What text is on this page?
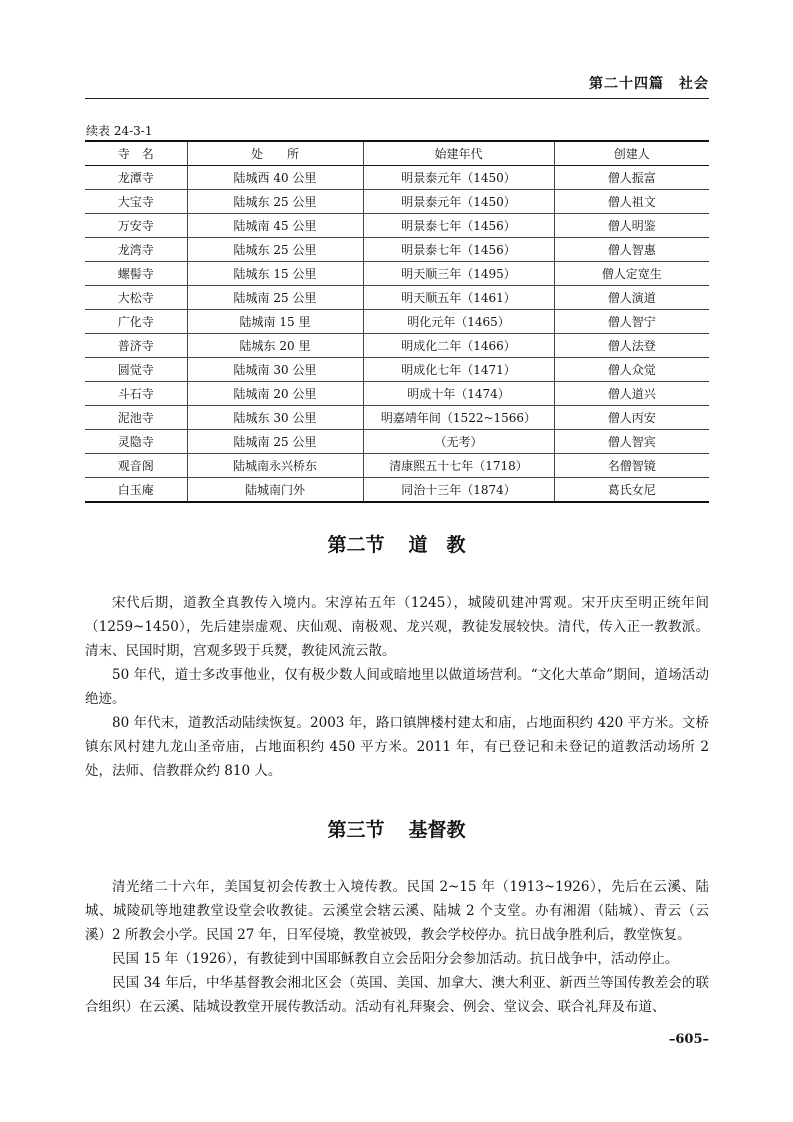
第二十四篇　社会
续表 24-3-1
寺　名	处　　所	始建年代	创建人
龙潭寺	陆城西 40 公里	明景泰元年（1450）	僧人振富
大宝寺	陆城东 25 公里	明景泰元年（1450）	僧人祖文
万安寺	陆城南 45 公里	明景泰七年（1456）	僧人明鉴
龙湾寺	陆城东 25 公里	明景泰七年（1456）	僧人智惠
螺髻寺	陆城东 15 公里	明天顺三年（1495）	僧人定宽生
大松寺	陆城南 25 公里	明天顺五年（1461）	僧人演道
广化寺	陆城南 15 里	明化元年（1465）	僧人智宁
普济寺	陆城东 20 里	明成化二年（1466）	僧人法登
圆觉寺	陆城南 30 公里	明成化七年（1471）	僧人众觉
斗石寺	陆城南 20 公里	明成十年（1474）	僧人道兴
泥池寺	陆城东 30 公里	明嘉靖年间（1522~1566）	僧人丙安
灵隐寺	陆城南 25 公里	（无考）	僧人智宾
观音阁	陆城南永兴桥东	清康熙五十七年（1718）	名僧智镜
白玉庵	陆城南门外	同治十三年（1874）	葛氏女尼
第二节 道　教

宋代后期，道教全真教传入境内。宋淳祐五年（1245），城陵矶建冲霄观。宋开庆至明正统年间（1259~1450），先后建崇虚观、庆仙观、南极观、龙兴观，教徒发展较快。清代，传入正一教教派。清末、民国时期，宫观多毁于兵燹，教徒风流云散。

50 年代，道士多改事他业，仅有极少数人间或暗地里以做道场营利。“文化大革命”期间，道场活动绝迹。

80 年代末，道教活动陆续恢复。2003 年，路口镇牌楼村建太和庙，占地面积约 420 平方米。文桥镇东风村建九龙山圣帝庙，占地面积约 450 平方米。2011 年，有已登记和未登记的道教活动场所 2 处，法师、信教群众约 810 人。

第三节 基督教

清光绪二十六年，美国复初会传教士入境传教。民国 2~15 年（1913~1926），先后在云溪、陆城、城陵矶等地建教堂设堂会收教徒。云溪堂会辖云溪、陆城 2 个支堂。办有湘湄（陆城）、青云（云溪）2 所教会小学。民国 27 年，日军侵境，教堂被毁，教会学校停办。抗日战争胜利后，教堂恢复。

民国 15 年（1926），有教徒到中国耶稣教自立会岳阳分会参加活动。抗日战争中，活动停止。

民国 34 年后，中华基督教会湘北区会（英国、美国、加拿大、澳大利亚、新西兰等国传教差会的联合组织）在云溪、陆城设教堂开展传教活动。活动有礼拜聚会、例会、堂议会、联合礼拜及布道、

–605–
